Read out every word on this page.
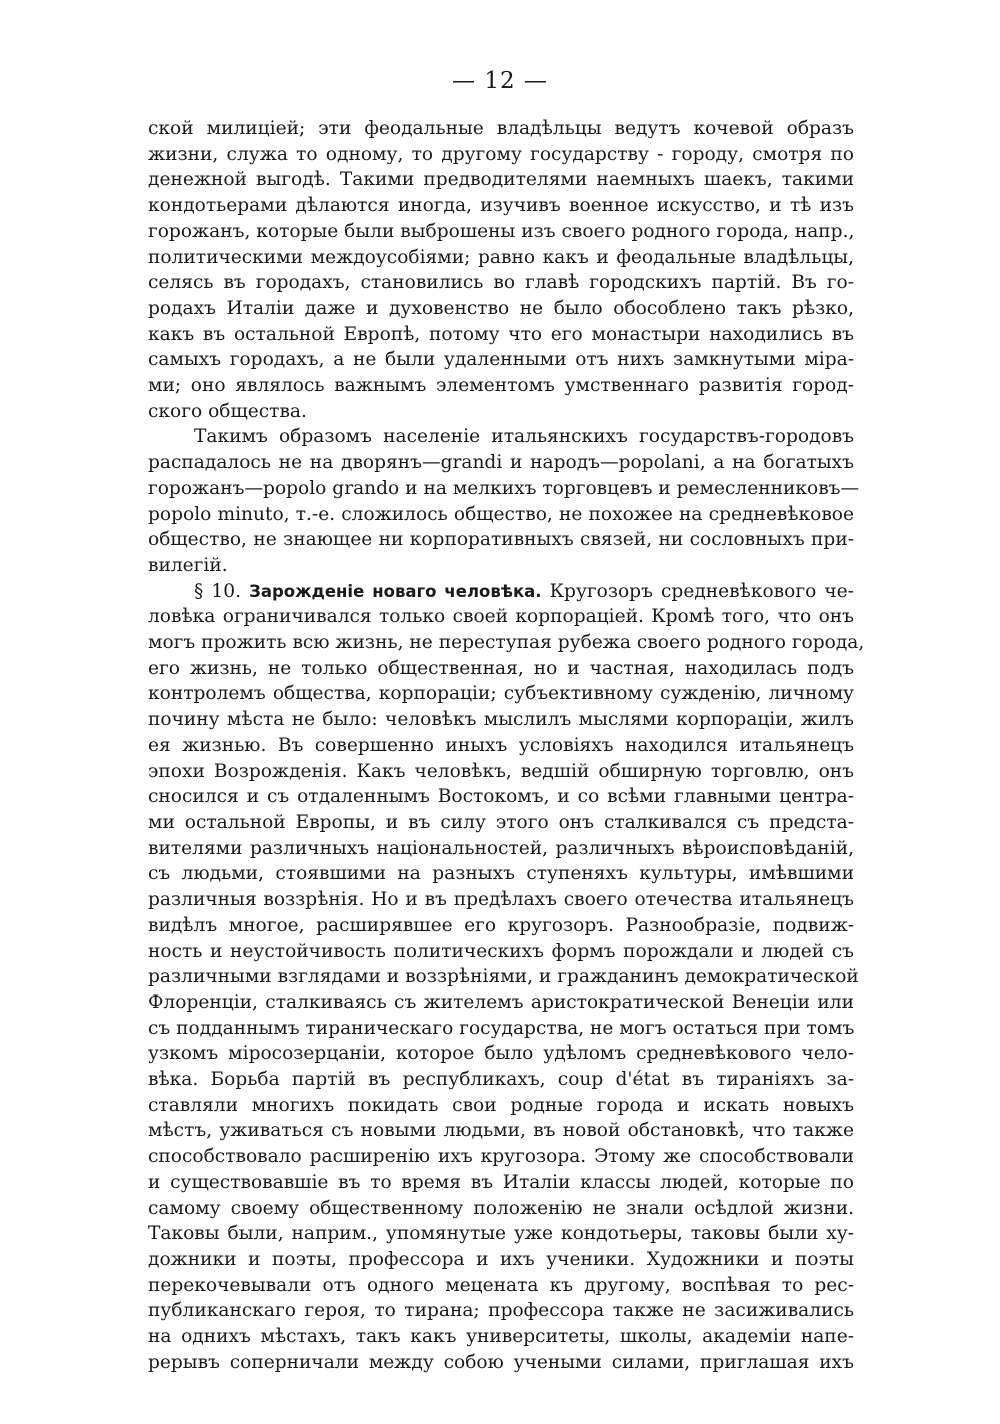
— 12 —
ской милиціей; эти феодальные владѣльцы ведутъ кочевой образъ
жизни, служа то одному, то другому государству - городу, смотря по
денежной выгодѣ. Такими предводителями наемныхъ шаекъ, такими
кондотьерами дѣлаются иногда, изучивъ военное искусство, и тѣ изъ
горожанъ, которые были выброшены изъ своего родного города, напр.,
политическими междоусобіями; равно какъ и феодальные владѣльцы,
селясь въ городахъ, становились во главѣ городскихъ партій. Въ го-
родахъ Италіи даже и духовенство не было обособлено такъ рѣзко,
какъ въ остальной Европѣ, потому что его монастыри находились въ
самыхъ городахъ, а не были удаленными отъ нихъ замкнутыми міра-
ми; оно являлось важнымъ элементомъ умственнаго развитія город-
ского общества.
Такимъ образомъ населеніе итальянскихъ государствъ-городовъ
распадалось не на дворянъ—grandi и народъ—popolani, а на богатыхъ
горожанъ—popolo grando и на мелкихъ торговцевъ и ремесленниковъ—
popolo minuto, т.-е. сложилось общество, не похожее на средневѣковое
общество, не знающее ни корпоративныхъ связей, ни сословныхъ при-
вилегій.
§ 10. Зарожденіе новаго человѣка. Кругозоръ средневѣкового че-
ловѣка ограничивался только своей корпораціей. Кромѣ того, что онъ
могъ прожить всю жизнь, не переступая рубежа своего родного города,
его жизнь, не только общественная, но и частная, находилась подъ
контролемъ общества, корпораціи; субъективному сужденію, личному
почину мѣста не было: человѣкъ мыслилъ мыслями корпораціи, жилъ
ея жизнью. Въ совершенно иныхъ условіяхъ находился итальянецъ
эпохи Возрожденія. Какъ человѣкъ, ведшій обширную торговлю, онъ
сносился и съ отдаленнымъ Востокомъ, и со всѣми главными центра-
ми остальной Европы, и въ силу этого онъ сталкивался съ предста-
вителями различныхъ національностей, различныхъ вѣроисповѣданій,
съ людьми, стоявшими на разныхъ ступеняхъ культуры, имѣвшими
различныя воззрѣнія. Но и въ предѣлахъ своего отечества итальянецъ
видѣлъ многое, расширявшее его кругозоръ. Разнообразіе, подвиж-
ность и неустойчивость политическихъ формъ порождали и людей съ
различными взглядами и воззрѣніями, и гражданинъ демократической
Флоренціи, сталкиваясь съ жителемъ аристократической Венеціи или
съ подданнымъ тираническаго государства, не могъ остаться при томъ
узкомъ міросозерцаніи, которое было удѣломъ средневѣкового чело-
вѣка. Борьба партій въ республикахъ, coup d'état въ тираніяхъ за-
ставляли многихъ покидать свои родные города и искать новыхъ
мѣстъ, уживаться съ новыми людьми, въ новой обстановкѣ, что также
способствовало расширенію ихъ кругозора. Этому же способствовали
и существовавшіе въ то время въ Италіи классы людей, которые по
самому своему общественному положенію не знали осѣдлой жизни.
Таковы были, наприм., упомянутые уже кондотьеры, таковы были ху-
дожники и поэты, профессора и ихъ ученики. Художники и поэты
перекочевывали отъ одного мецената къ другому, воспѣвая то рес-
публиканскаго героя, то тирана; профессора также не засиживались
на однихъ мѣстахъ, такъ какъ университеты, школы, академіи напе-
рерывъ соперничали между собою учеными силами, приглашая ихъ
